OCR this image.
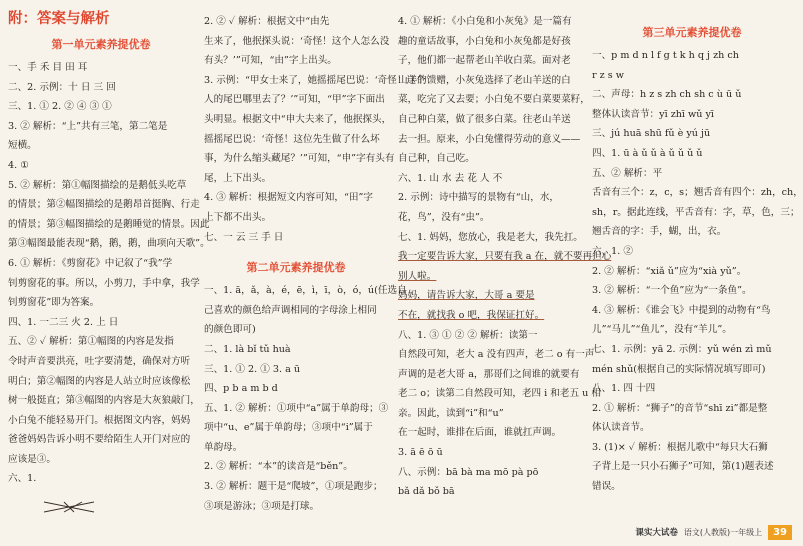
附：答案与解析
第一单元素养提优卷
一、手 禾 目 田 耳
二、2. 示例：十 日 三 回
三、1. ① 2. ② ④ ③ ①
3. ② 解析：“上”共有三笔，第二笔是
短横。
4. ①
5. ② 解析：第①幅图描绘的是鹅低头吃草
的情景；第②幅图描绘的是鹅昂首挺胸、行走
的情景；第③幅图描绘的是鹅睡觉的情景。因此
第③幅图最能表现“鹅，鹅，鹅，曲项向天歌”。
6. ① 解析：《剪窗花》中记叙了“我”学
钊剪窗花的事。所以，小剪刀，手中拿，我学
钊剪窗花”即为答案。
四、1. 一二三 火 2. 上 日
五、② ✓ 解析：第①幅图的内容是发指
令时声音要洪亮，吐字要清楚，确保对方听
明白；第②幅图的内容是人站立时应该像松
树一般挺直；第③幅图的内容是大灰狼敲门，
小白兔不能轻易开门。根据图文内容，妈妈
爸爸妈妈告诉小明不要给陌生人开门对应的
应该是③。
六、1.
2. ② ✓ 解析：根据文中“由先
生来了，他抿探头说：‘奇怪！这个人怎么没
有头？’”可知，“由”字上出头。
3. 示例：“甲女士来了，她摇摇尾巴说：‘奇怪！这个
人的尾巴哪里去了？’”可知，“甲”字下面出
头明显。根据文中“申大夫来了，他抿探头，
摇摇尾巴说：‘奇怪！这位先生做了什么坏
事，为什么缩头藏尾？’”可知，“申”字有头有
尾，上下出头。
4. ③ 解析：根据短文内容可知，“田”字
上下都不出头。
七、一 云 三 手 日
第二单元素养提优卷
一、1. ā，ǎ，à，é，ē，ì，ī，ò，ó，ú(任选自
己喜欢的颜色给声调相同的字母涂上相同
的颜色即可)
二、1. là bǐ tǔ huà
三、1. ① 2. ① 3. a ū
四、p b a m b d
五、1. ② 解析：①项中“a”属于单韵母；③
项中“u、e”属于单韵母；③项中“i”属于
单韵母。
2. ② 解析：“本”的读音是“běn”。
3. ② 解析：题干是“爬坡”，①项是跑步；
③项是游泳；③项是打球。
4. ① 解析：《小白兔和小灰兔》是一篇有
趣的童话故事，小白兔和小灰兔都是好孩
子，他们都一起帮老山羊收白菜。面对老
山羊的馈赠，小灰兔选择了老山羊送的白
菜，吃完了又去要；小白兔不要白菜要菜籽，
自己种白菜，做了很多白菜。往老山羊送
去一担。原来，小白兔懂得劳动的意义——
自己种，自己吃。
六、1. 山 水 去 花 人 不
2. 示例：诗中描写的景物有“山，水，
花，鸟”，没有“虫”。
七、1. 妈妈，您放心，我是老大，我先扛。
我一定要告诉大家，只要有我 a 在，就不要再担心
别人啦。
妈妈，请告诉大家，大哥 a 要是
不在，就找我 o 吧，我保证扛好。
八、1. ③ ① ② ② 解析：读第一
自然段可知，老大 a 没有四声，老二 o 有一声
声调的是老大哥 a，那哥们之间谁的就要有
老二 o；读第二自然段可知，老四 i 和老五 u 相
亲。因此，读到“i”和“u”
在一起时，谁排在后面，谁就扛声调。
3. ā ē ō ū
八、示例：bā bà ma mō pà pō
bǎ dǎ bǒ bā
第三单元素养提优卷
一、p m d n l f g t k h q j zh ch
r z s w
二、声母：h z s zh ch sh c ù ū ǔ
整体认读音节：yī zhī wǔ yī
三、jú huā shū fǔ è yú jū
四、1. ū à ǔ ǔ à ǔ ǔ ǔ ǔ
五、② 解析：平
舌音有三个：z，c，s；翘舌音有四个：zh，ch，
sh，r。据此连线，平舌音有：字，草，色，三；
翘舌音的字：手，蝴，出，衣。
六、1. ②
2. ② 解析：“xiǎ ǔ”应为“xià yǔ”。
3. ② 解析：“一个鱼”应为“一条鱼”。
4. ③ 解析：《谁会飞》中提到的动物有“鸟
儿”“马儿”“鱼儿”，没有“羊儿”。
七、1. 示例：yā 2. 示例：yǔ wén zì mǔ
mén shǔ(根据自己的实际情况填写即可)
八、1. 四 十四
2. ① 解析：“狮子”的音节“shī zi”都是整
体认读音节。
3. (1)× ✓ 解析：根据儿歌中“每只大石狮
子背上是一只小石狮子”可知，第(1)题表述
错误。
课实大试卷 语文(人教版)一年级上	39
